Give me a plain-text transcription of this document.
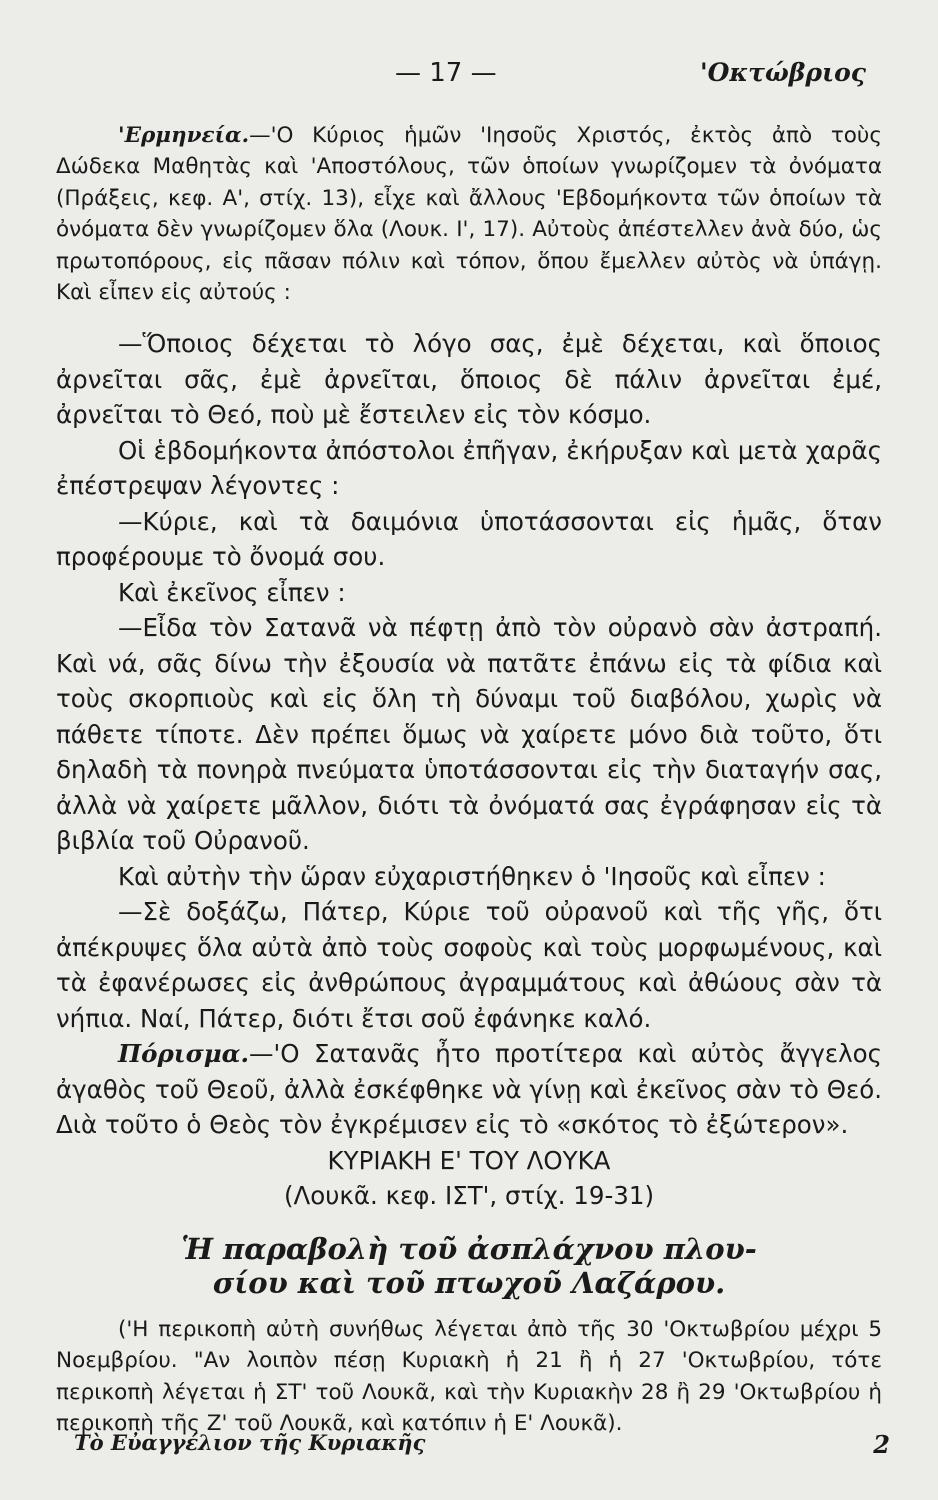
— 17 —	'Οκτώβριος

'Ερμηνεία.—'Ο Κύριος ἡμῶν 'Ιησοῦς Χριστός, ἐκτὸς ἀπὸ τοὺς Δώδεκα Μαθητὰς καὶ 'Αποστόλους, τῶν ὁποίων γνωρίζομεν τὰ ὀνόματα (Πράξεις, κεφ. Α', στίχ. 13), εἶχε καὶ ἄλλους 'Εβδομήκοντα τῶν ὁποίων τὰ ὀνόματα δὲν γνωρίζομεν ὅλα (Λουκ. Ι', 17). Αὐτοὺς ἀπέστελλεν ἀνὰ δύο, ὡς πρωτοπόρους, εἰς πᾶσαν πόλιν καὶ τόπον, ὅπου ἔμελλεν αὐτὸς νὰ ὑπάγῃ. Καὶ εἶπεν εἰς αὐτούς :

—Ὅποιος δέχεται τὸ λόγο σας, ἐμὲ δέχεται, καὶ ὅποιος ἀρνεῖται σᾶς, ἐμὲ ἀρνεῖται, ὅποιος δὲ πάλιν ἀρνεῖται ἐμέ, ἀρνεῖται τὸ Θεό, ποὺ μὲ ἔστειλεν εἰς τὸν κόσμο.

Οἱ ἑβδομήκοντα ἀπόστολοι ἐπῆγαν, ἐκήρυξαν καὶ μετὰ χαρᾶς ἐπέστρεψαν λέγοντες :

—Κύριε, καὶ τὰ δαιμόνια ὑποτάσσονται εἰς ἡμᾶς, ὅταν προφέρουμε τὸ ὄνομά σου.

Καὶ ἐκεῖνος εἶπεν :

—Εἶδα τὸν Σατανᾶ νὰ πέφτῃ ἀπὸ τὸν οὐρανὸ σὰν ἀστραπή. Καὶ νά, σᾶς δίνω τὴν ἐξουσία νὰ πατᾶτε ἐπάνω εἰς τὰ φίδια καὶ τοὺς σκορπιοὺς καὶ εἰς ὅλη τὴ δύναμι τοῦ διαβόλου, χωρὶς νὰ πάθετε τίποτε. Δὲν πρέπει ὅμως νὰ χαίρετε μόνο διὰ τοῦτο, ὅτι δηλαδὴ τὰ πονηρὰ πνεύματα ὑποτάσσονται εἰς τὴν διαταγήν σας, ἀλλὰ νὰ χαίρετε μᾶλλον, διότι τὰ ὀνόματά σας ἐγράφησαν εἰς τὰ βιβλία τοῦ Οὐρανοῦ.

Καὶ αὐτὴν τὴν ὥραν εὐχαριστήθηκεν ὁ 'Ιησοῦς καὶ εἶπεν :

—Σὲ δοξάζω, Πάτερ, Κύριε τοῦ οὐρανοῦ καὶ τῆς γῆς, ὅτι ἀπέκρυψες ὅλα αὐτὰ ἀπὸ τοὺς σοφοὺς καὶ τοὺς μορφωμένους, καὶ τὰ ἐφανέρωσες εἰς ἀνθρώπους ἀγραμμάτους καὶ ἀθώους σὰν τὰ νήπια. Ναί, Πάτερ, διότι ἔτσι σοῦ ἐφάνηκε καλό.

Πόρισμα.—'Ο Σατανᾶς ἦτο προτίτερα καὶ αὐτὸς ἄγγελος ἀγαθὸς τοῦ Θεοῦ, ἀλλὰ ἐσκέφθηκε νὰ γίνῃ καὶ ἐκεῖνος σὰν τὸ Θεό. Διὰ τοῦτο ὁ Θεὸς τὸν ἐγκρέμισεν εἰς τὸ «σκότος τὸ ἐξώτερον».

ΚΥΡΙΑΚΗ Ε' ΤΟΥ ΛΟΥΚΑ

(Λουκᾶ. κεφ. ΙΣΤ', στίχ. 19-31)

Ἡ παραβολὴ τοῦ ἀσπλάχνου πλου-
σίου καὶ τοῦ πτωχοῦ Λαζάρου.

('Η περικοπὴ αὐτὴ συνήθως λέγεται ἀπὸ τῆς 30 'Οκτωβρίου μέχρι 5 Νοεμβρίου. "Αν λοιπὸν πέσῃ Κυριακὴ ἡ 21 ἢ ἡ 27 'Οκτωβρίου, τότε περικοπὴ λέγεται ἡ ΣΤ' τοῦ Λουκᾶ, καὶ τὴν Κυριακὴν 28 ἢ 29 'Οκτωβρίου ἡ περικοπὴ τῆς Ζ' τοῦ Λουκᾶ, καὶ κατόπιν ἡ Ε' Λουκᾶ).

Τὸ Εὐαγγέλιον τῆς Κυριακῆς	2
